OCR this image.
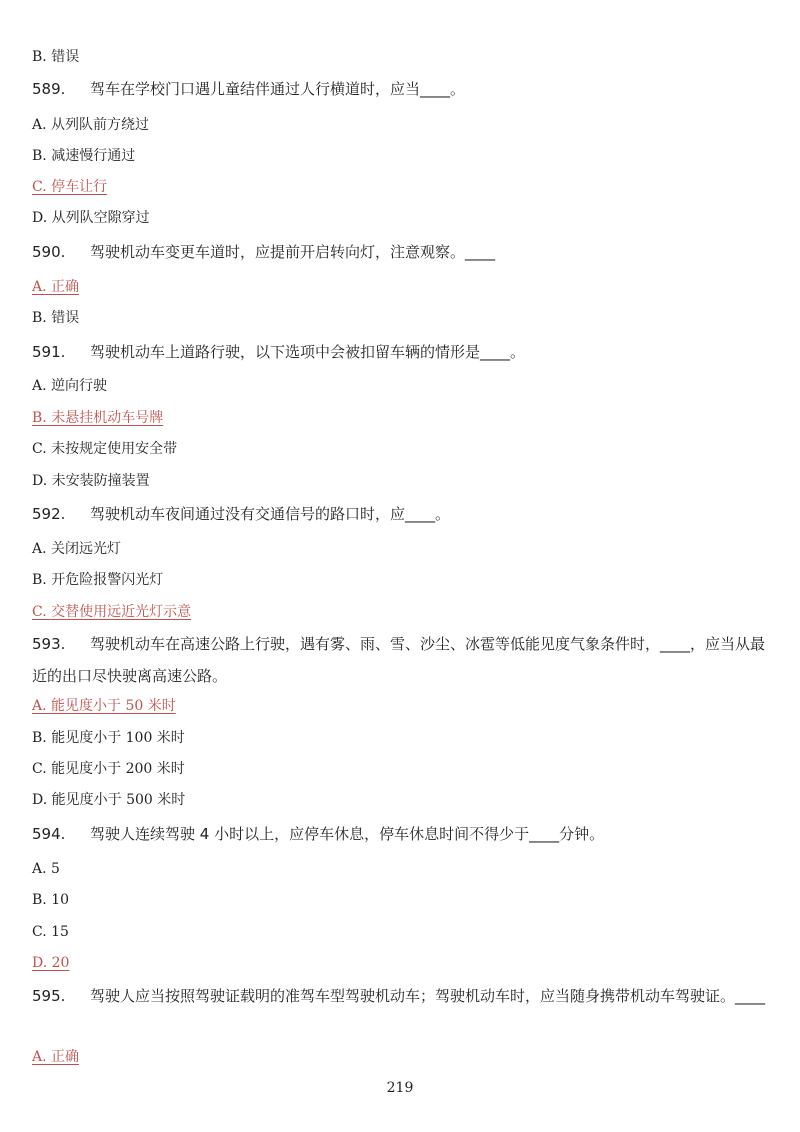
B. 错误
589. 驾车在学校门口遇儿童结伴通过人行横道时，应当____。
A. 从列队前方绕过
B. 减速慢行通过
C. 停车让行
D. 从列队空隙穿过
590. 驾驶机动车变更车道时，应提前开启转向灯，注意观察。____
A. 正确
B. 错误
591. 驾驶机动车上道路行驶，以下选项中会被扣留车辆的情形是____。
A. 逆向行驶
B. 未悬挂机动车号牌
C. 未按规定使用安全带
D. 未安装防撞装置
592. 驾驶机动车夜间通过没有交通信号的路口时，应____。
A. 关闭远光灯
B. 开危险报警闪光灯
C. 交替使用远近光灯示意
593. 驾驶机动车在高速公路上行驶，遇有雾、雨、雪、沙尘、冰雹等低能见度气象条件时，____，应当从最近的出口尽快驶离高速公路。
A. 能见度小于 50 米时
B. 能见度小于 100 米时
C. 能见度小于 200 米时
D. 能见度小于 500 米时
594. 驾驶人连续驾驶 4 小时以上，应停车休息，停车休息时间不得少于____分钟。
A. 5
B. 10
C. 15
D. 20
595. 驾驶人应当按照驾驶证载明的准驾车型驾驶机动车；驾驶机动车时，应当随身携带机动车驾驶证。____
A. 正确
219
